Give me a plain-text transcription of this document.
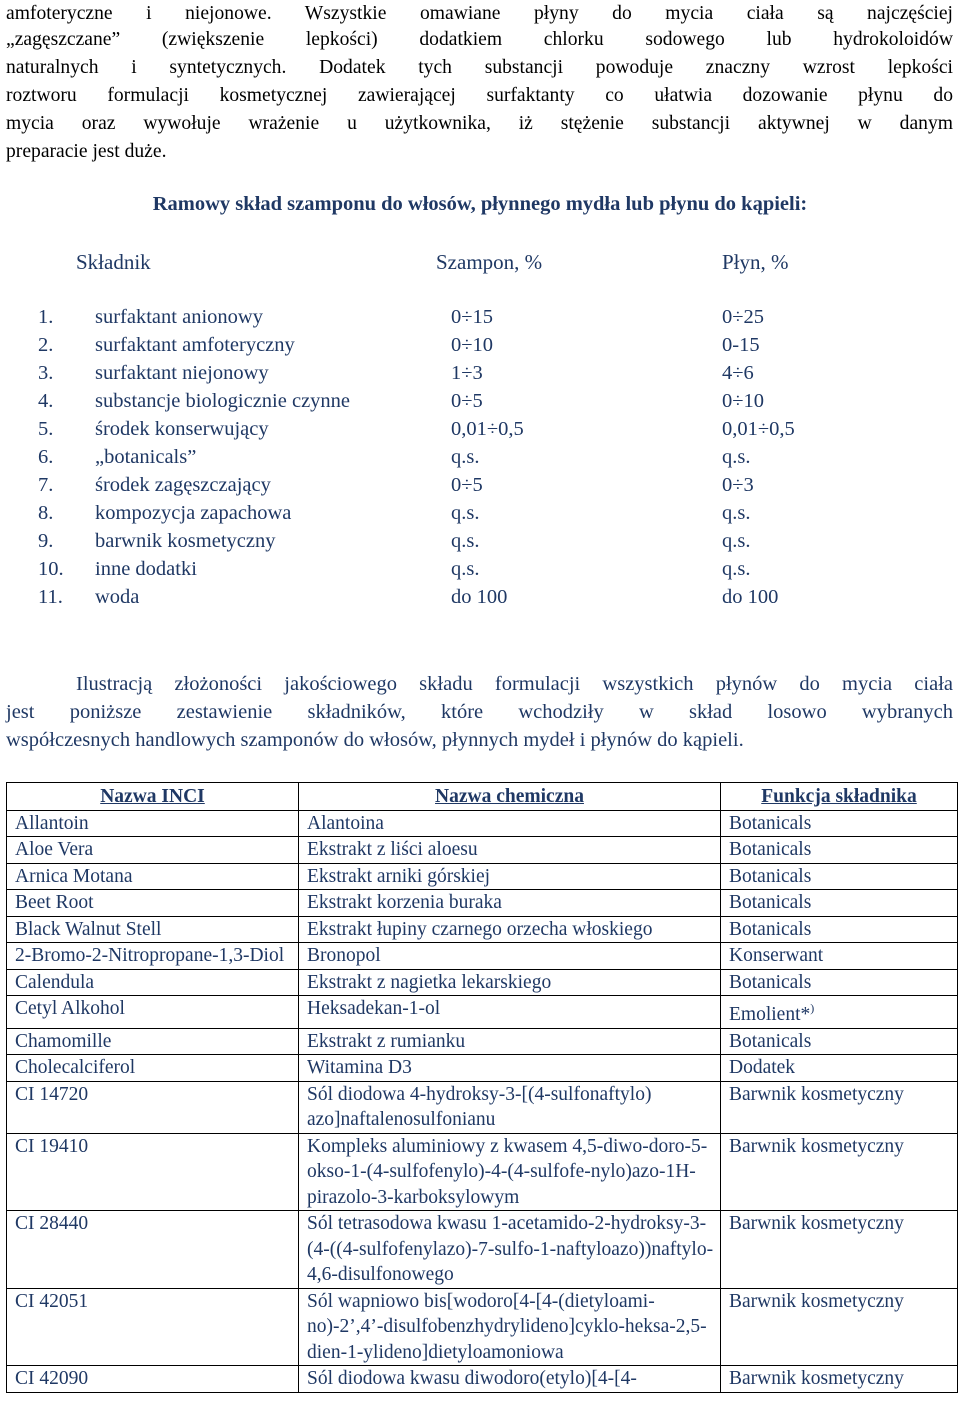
amfoteryczne i niejonowe. Wszystkie omawiane płyny do mycia ciała są najczęściej
„zagęszczane” (zwiększenie lepkości) dodatkiem chlorku sodowego lub hydrokoloidów
naturalnych i syntetycznych. Dodatek tych substancji powoduje znaczny wzrost lepkości
roztworu formulacji kosmetycznej zawierającej surfaktanty co ułatwia dozowanie płynu do
mycia oraz wywołuje wrażenie u użytkownika, iż stężenie substancji aktywnej w danym
preparacie jest duże.
Ramowy skład szamponu do włosów, płynnego mydła lub płynu do kąpieli:
Składnik	Szampon, %	Płyn, %
1. surfaktant anionowy	0÷15	0÷25
2. surfaktant amfoteryczny	0÷10	0-15
3. surfaktant niejonowy	1÷3	4÷6
4. substancje biologicznie czynne	0÷5	0÷10
5. środek konserwujący	0,01÷0,5	0,01÷0,5
6. „botanicals”	q.s.	q.s.
7. środek zagęszczający	0÷5	0÷3
8. kompozycja zapachowa	q.s.	q.s.
9. barwnik kosmetyczny	q.s.	q.s.
10. inne dodatki	q.s.	q.s.
11. woda	do 100	do 100
Ilustracją złożoności jakościowego składu formulacji wszystkich płynów do mycia ciała
jest poniższe zestawienie składników, które wchodziły w skład losowo wybranych
współczesnych handlowych szamponów do włosów, płynnych mydeł i płynów do kąpieli.
Nazwa INCI	Nazwa chemiczna	Funkcja składnika
Allantoin	Alantoina	Botanicals
Aloe Vera	Ekstrakt z liści aloesu	Botanicals
Arnica Motana	Ekstrakt arniki górskiej	Botanicals
Beet Root	Ekstrakt korzenia buraka	Botanicals
Black Walnut Stell	Ekstrakt łupiny czarnego orzecha włoskiego	Botanicals
2-Bromo-2-Nitropropane-1,3-Diol	Bronopol	Konserwant
Calendula	Ekstrakt z nagietka lekarskiego	Botanicals
Cetyl Alkohol	Heksadekan-1-ol	Emolient*)
Chamomille	Ekstrakt z rumianku	Botanicals
Cholecalciferol	Witamina D3	Dodatek
CI 14720	Sól diodowa 4-hydroksy-3-[(4-sulfonaftylo) azo]naftalenosulfonianu	Barwnik kosmetyczny
CI 19410	Kompleks aluminiowy z kwasem 4,5-diwo-doro-5-okso-1-(4-sulfofenylo)-4-(4-sulfofe-nylo)azo-1H-pirazolo-3-karboksylowym	Barwnik kosmetyczny
CI 28440	Sól tetrasodowa kwasu 1-acetamido-2-hydroksy-3-(4-((4-sulfofenylazo)-7-sulfo-1-naftyloazo))naftylo-4,6-disulfonowego	Barwnik kosmetyczny
CI 42051	Sól wapniowo bis[wodoro[4-[4-(dietyloami-no)-2’,4’-disulfobenzhydrylideno]cyklo-heksa-2,5-dien-1-ylideno]dietyloamoniowa	Barwnik kosmetyczny
CI 42090	Sól diodowa kwasu diwodoro(etylo)[4-[4-	Barwnik kosmetyczny
